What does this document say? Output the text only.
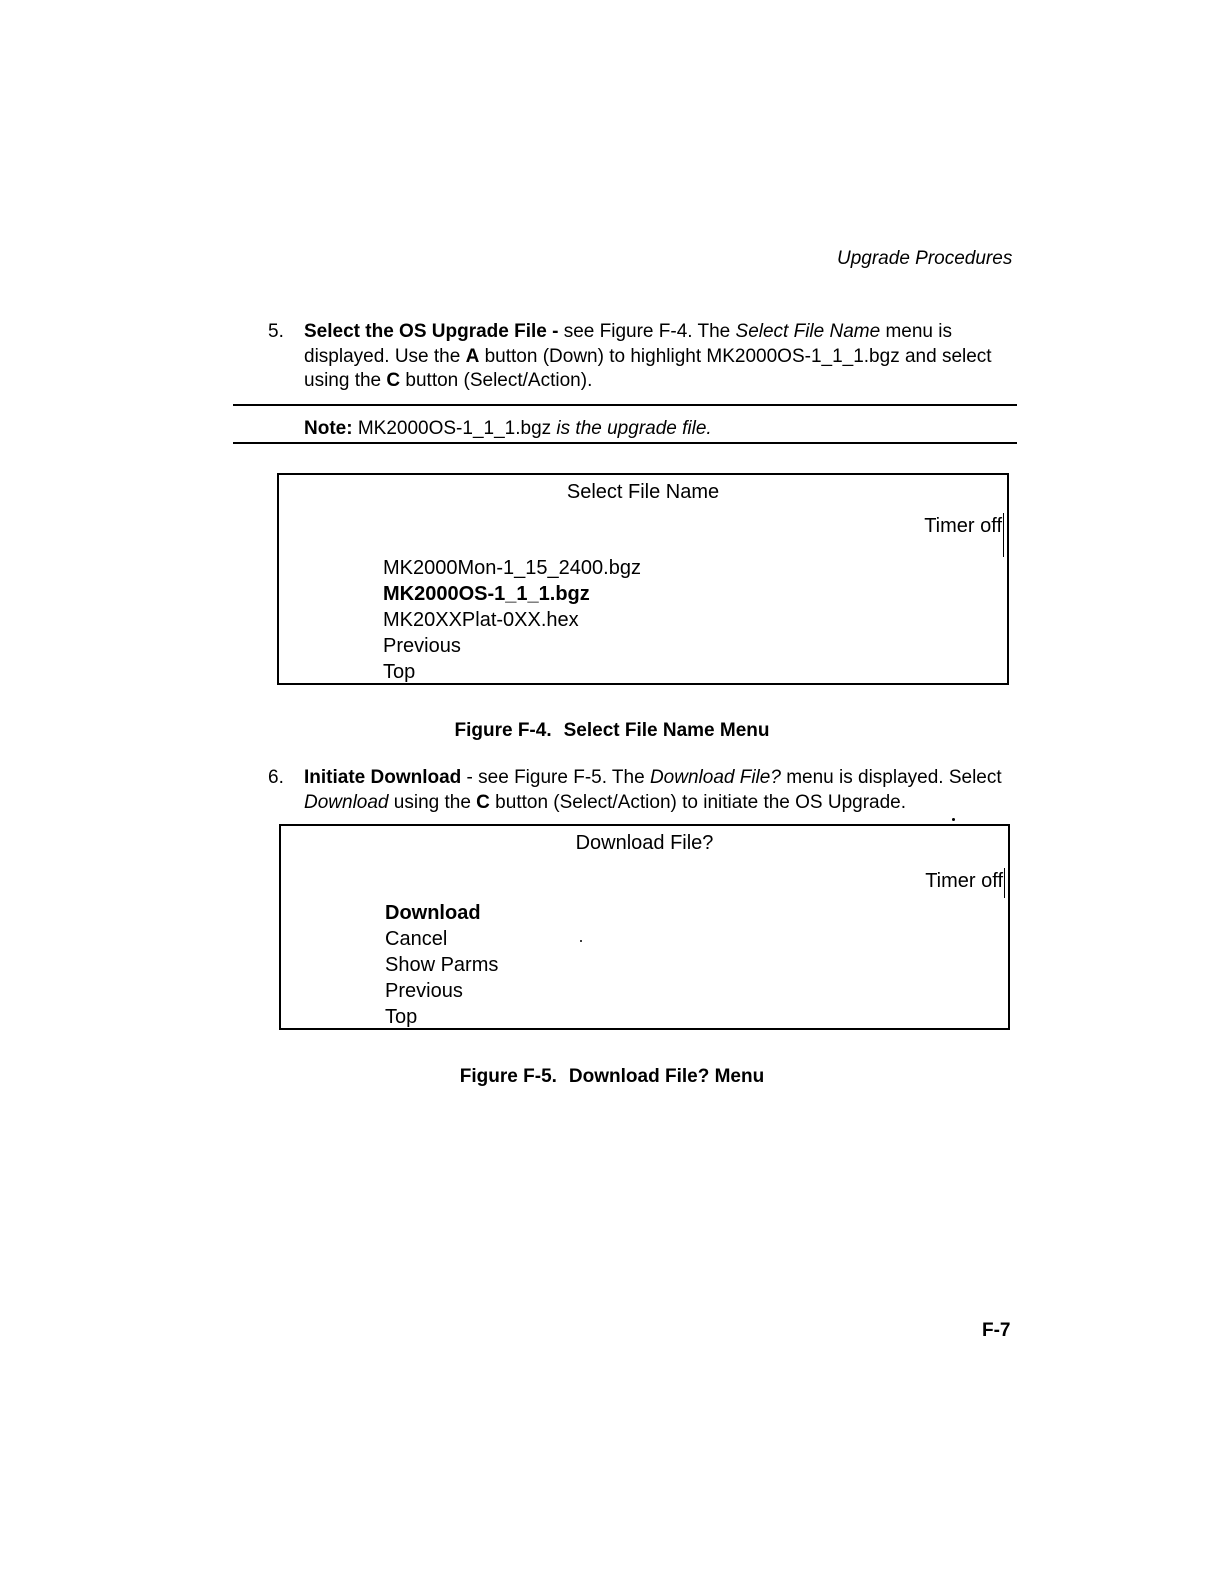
Upgrade Procedures
5. Select the OS Upgrade File - see Figure F-4. The Select File Name menu is displayed. Use the A button (Down) to highlight MK2000OS-1_1_1.bgz and select using the C button (Select/Action).
Note: MK2000OS-1_1_1.bgz is the upgrade file.
Select File Name
Timer off
MK2000Mon-1_15_2400.bgz
MK2000OS-1_1_1.bgz
MK20XXPlat-0XX.hex
Previous
Top
Figure F-4. Select File Name Menu
6. Initiate Download - see Figure F-5. The Download File? menu is displayed. Select Download using the C button (Select/Action) to initiate the OS Upgrade.
Download File?
Timer off
Download
Cancel
Show Parms
Previous
Top
Figure F-5. Download File? Menu
F-7
